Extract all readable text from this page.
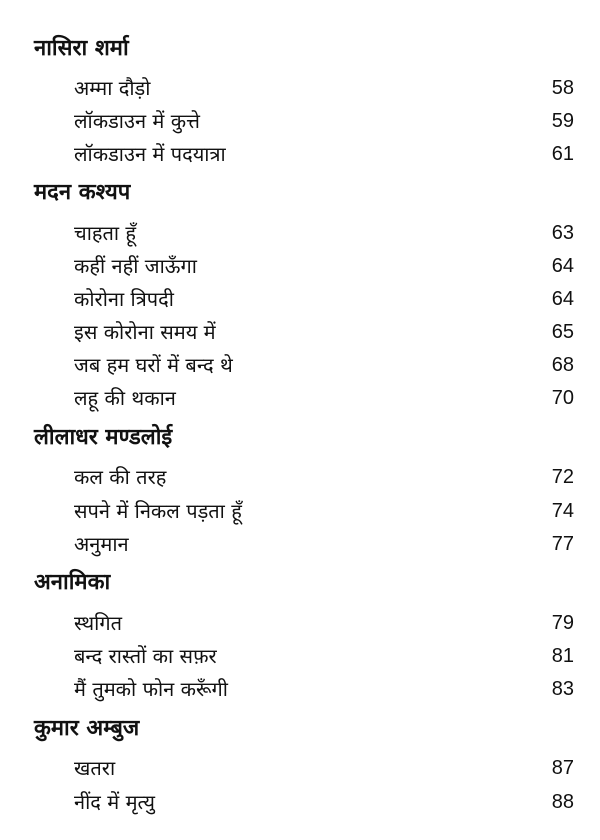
नासिरा शर्मा
अम्मा दौड़ो	58
लॉकडाउन में कुत्ते	59
लॉकडाउन में पदयात्रा	61
मदन कश्यप
चाहता हूँ	63
कहीं नहीं जाऊँगा	64
कोरोना त्रिपदी	64
इस कोरोना समय में	65
जब हम घरों में बन्द थे	68
लहू की थकान	70
लीलाधर मण्डलोई
कल की तरह	72
सपने में निकल पड़ता हूँ	74
अनुमान	77
अनामिका
स्थगित	79
बन्द रास्तों का सफ़र	81
मैं तुमको फोन करूँगी	83
कुमार अम्बुज
खतरा	87
नींद में मृत्यु	88
